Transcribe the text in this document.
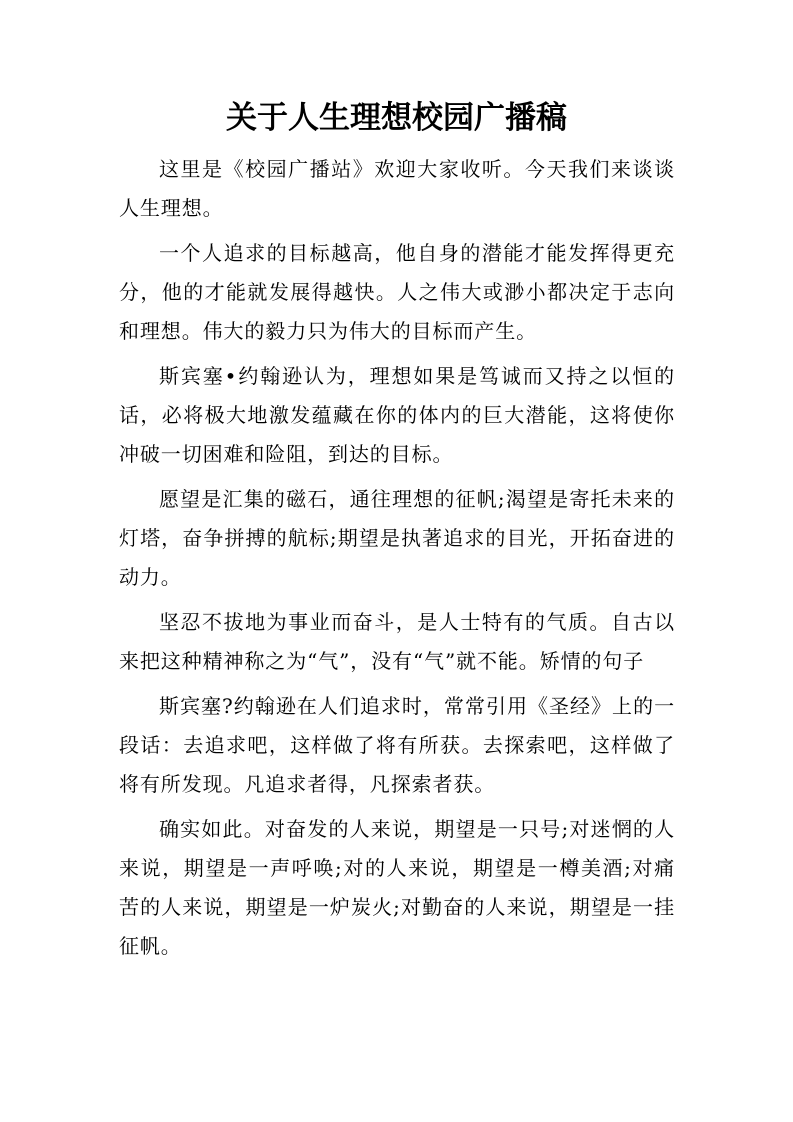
关于人生理想校园广播稿

这里是《校园广播站》欢迎大家收听。今天我们来谈谈人生理想。

一个人追求的目标越高，他自身的潜能才能发挥得更充分，他的才能就发展得越快。人之伟大或渺小都决定于志向和理想。伟大的毅力只为伟大的目标而产生。

斯宾塞•约翰逊认为，理想如果是笃诚而又持之以恒的话，必将极大地激发蕴藏在你的体内的巨大潜能，这将使你冲破一切困难和险阻，到达的目标。

愿望是汇集的磁石，通往理想的征帆;渴望是寄托未来的灯塔，奋争拼搏的航标;期望是执著追求的目光，开拓奋进的动力。

坚忍不拔地为事业而奋斗，是人士特有的气质。自古以来把这种精神称之为“气”，没有“气”就不能。矫情的句子

斯宾塞?约翰逊在人们追求时，常常引用《圣经》上的一段话：去追求吧，这样做了将有所获。去探索吧，这样做了将有所发现。凡追求者得，凡探索者获。

确实如此。对奋发的人来说，期望是一只号;对迷惘的人来说，期望是一声呼唤;对的人来说，期望是一樽美酒;对痛苦的人来说，期望是一炉炭火;对勤奋的人来说，期望是一挂征帆。
